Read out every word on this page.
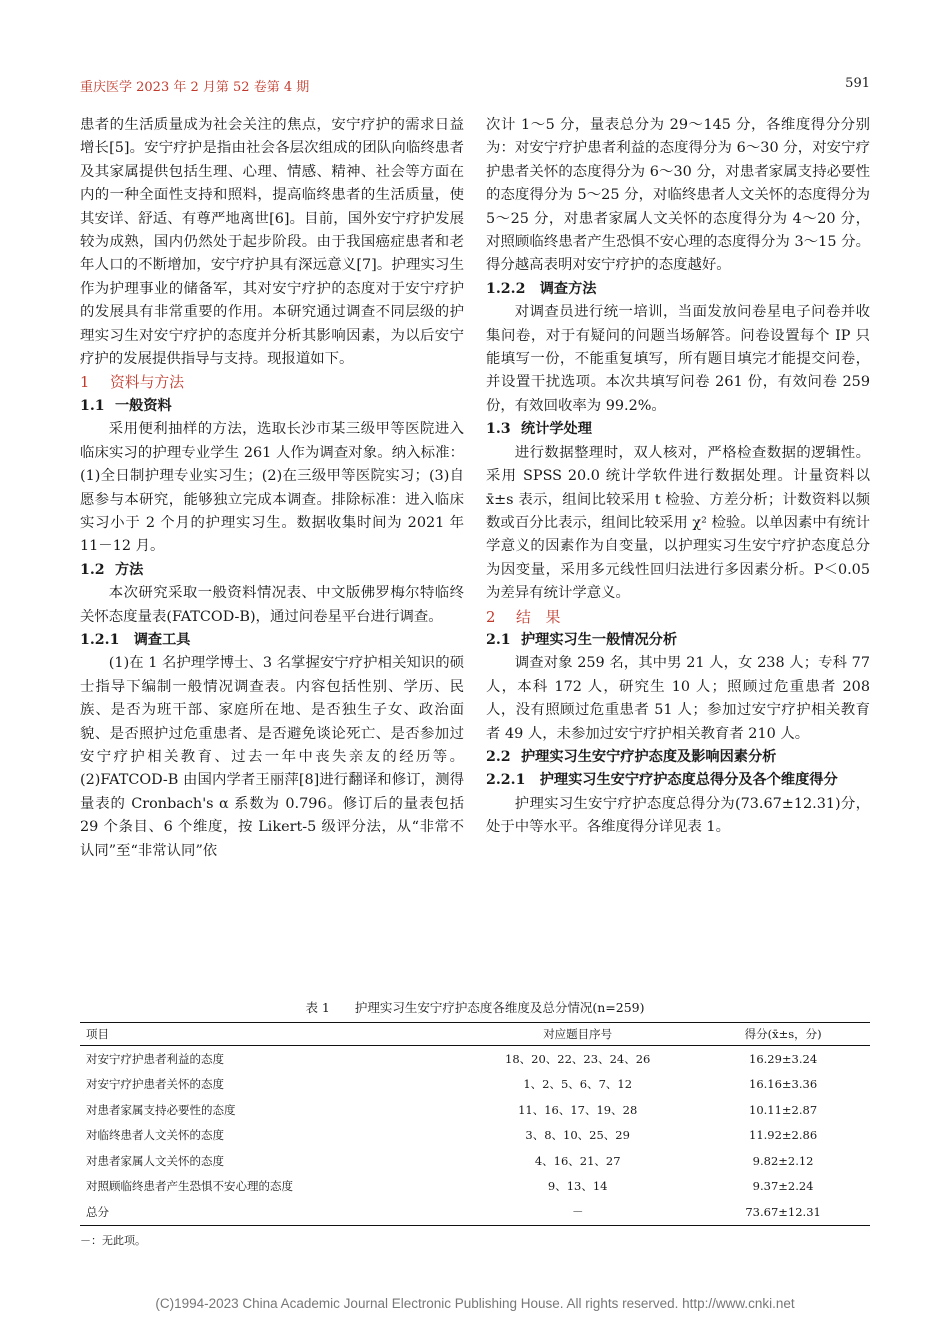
重庆医学 2023 年 2 月第 52 卷第 4 期	591

患者的生活质量成为社会关注的焦点，安宁疗护的需求日益增长[5]。安宁疗护是指由社会各层次组成的团队向临终患者及其家属提供包括生理、心理、情感、精神、社会等方面在内的一种全面性支持和照料，提高临终患者的生活质量，使其安详、舒适、有尊严地离世[6]。目前，国外安宁疗护发展较为成熟，国内仍然处于起步阶段。由于我国癌症患者和老年人口的不断增加，安宁疗护具有深远意义[7]。护理实习生作为护理事业的储备军，其对安宁疗护的态度对于安宁疗护的发展具有非常重要的作用。本研究通过调查不同层级的护理实习生对安宁疗护的态度并分析其影响因素，为以后安宁疗护的发展提供指导与支持。现报道如下。

1 资料与方法
1.1 一般资料

采用便利抽样的方法，选取长沙市某三级甲等医院进入临床实习的护理专业学生 261 人作为调查对象。纳入标准：(1)全日制护理专业实习生；(2)在三级甲等医院实习；(3)自愿参与本研究，能够独立完成本调查。排除标准：进入临床实习小于 2 个月的护理实习生。数据收集时间为 2021 年 11－12 月。

1.2 方法

本次研究采取一般资料情况表、中文版佛罗梅尔特临终关怀态度量表(FATCOD-B)，通过问卷星平台进行调查。

1.2.1　 调查工具

(1)在 1 名护理学博士、3 名掌握安宁疗护相关知识的硕士指导下编制一般情况调查表。内容包括性别、学历、民族、是否为班干部、家庭所在地、是否独生子女、政治面貌、是否照护过危重患者、是否避免谈论死亡、是否参加过安宁疗护相关教育、过去一年中丧失亲友的经历等。(2)FATCOD-B 由国内学者王丽萍[8]进行翻译和修订，测得量表的 Cronbach's α 系数为 0.796。修订后的量表包括 29 个条目、6 个维度，按 Likert-5 级评分法，从“非常不认同”至“非常认同”依

次计 1～5 分，量表总分为 29～145 分，各维度得分分别为：对安宁疗护患者利益的态度得分为 6～30 分，对安宁疗护患者关怀的态度得分为 6～30 分，对患者家属支持必要性的态度得分为 5～25 分，对临终患者人文关怀的态度得分为 5～25 分，对患者家属人文关怀的态度得分为 4～20 分，对照顾临终患者产生恐惧不安心理的态度得分为 3～15 分。得分越高表明对安宁疗护的态度越好。

1.2.2　 调查方法

对调查员进行统一培训，当面发放问卷星电子问卷并收集问卷，对于有疑问的问题当场解答。问卷设置每个 IP 只能填写一份，不能重复填写，所有题目填完才能提交问卷，并设置干扰选项。本次共填写问卷 261 份，有效问卷 259 份，有效回收率为 99.2%。

1.3 统计学处理

进行数据整理时，双人核对，严格检查数据的逻辑性。采用 SPSS 20.0 统计学软件进行数据处理。计量资料以 x̄±s 表示，组间比较采用 t 检验、方差分析；计数资料以频数或百分比表示，组间比较采用 χ² 检验。以单因素中有统计学意义的因素作为自变量，以护理实习生安宁疗护态度总分为因变量，采用多元线性回归法进行多因素分析。P＜0.05 为差异有统计学意义。

2 结　果
2.1 护理实习生一般情况分析

调查对象 259 名，其中男 21 人，女 238 人；专科 77 人，本科 172 人，研究生 10 人；照顾过危重患者 208 人，没有照顾过危重患者 51 人；参加过安宁疗护相关教育者 49 人，未参加过安宁疗护相关教育者 210 人。

2.2 护理实习生安宁疗护态度及影响因素分析
2.2.1　 护理实习生安宁疗护态度总得分及各个维度得分

护理实习生安宁疗护态度总得分为(73.67±12.31)分，处于中等水平。各维度得分详见表 1。

表 1　　护理实习生安宁疗护态度各维度及总分情况(n=259)
项目	对应题目序号	得分(x̄±s，分)
对安宁疗护患者利益的态度	18、20、22、23、24、26	16.29±3.24
对安宁疗护患者关怀的态度	1、2、5、6、7、12	16.16±3.36
对患者家属支持必要性的态度	11、16、17、19、28	10.11±2.87
对临终患者人文关怀的态度	3、8、10、25、29	11.92±2.86
对患者家属人文关怀的态度	4、16、21、27	9.82±2.12
对照顾临终患者产生恐惧不安心理的态度	9、13、14	9.37±2.24
总分	－	73.67±12.31
－：无此项。
(C)1994-2023 China Academic Journal Electronic Publishing House. All rights reserved. http://www.cnki.net
